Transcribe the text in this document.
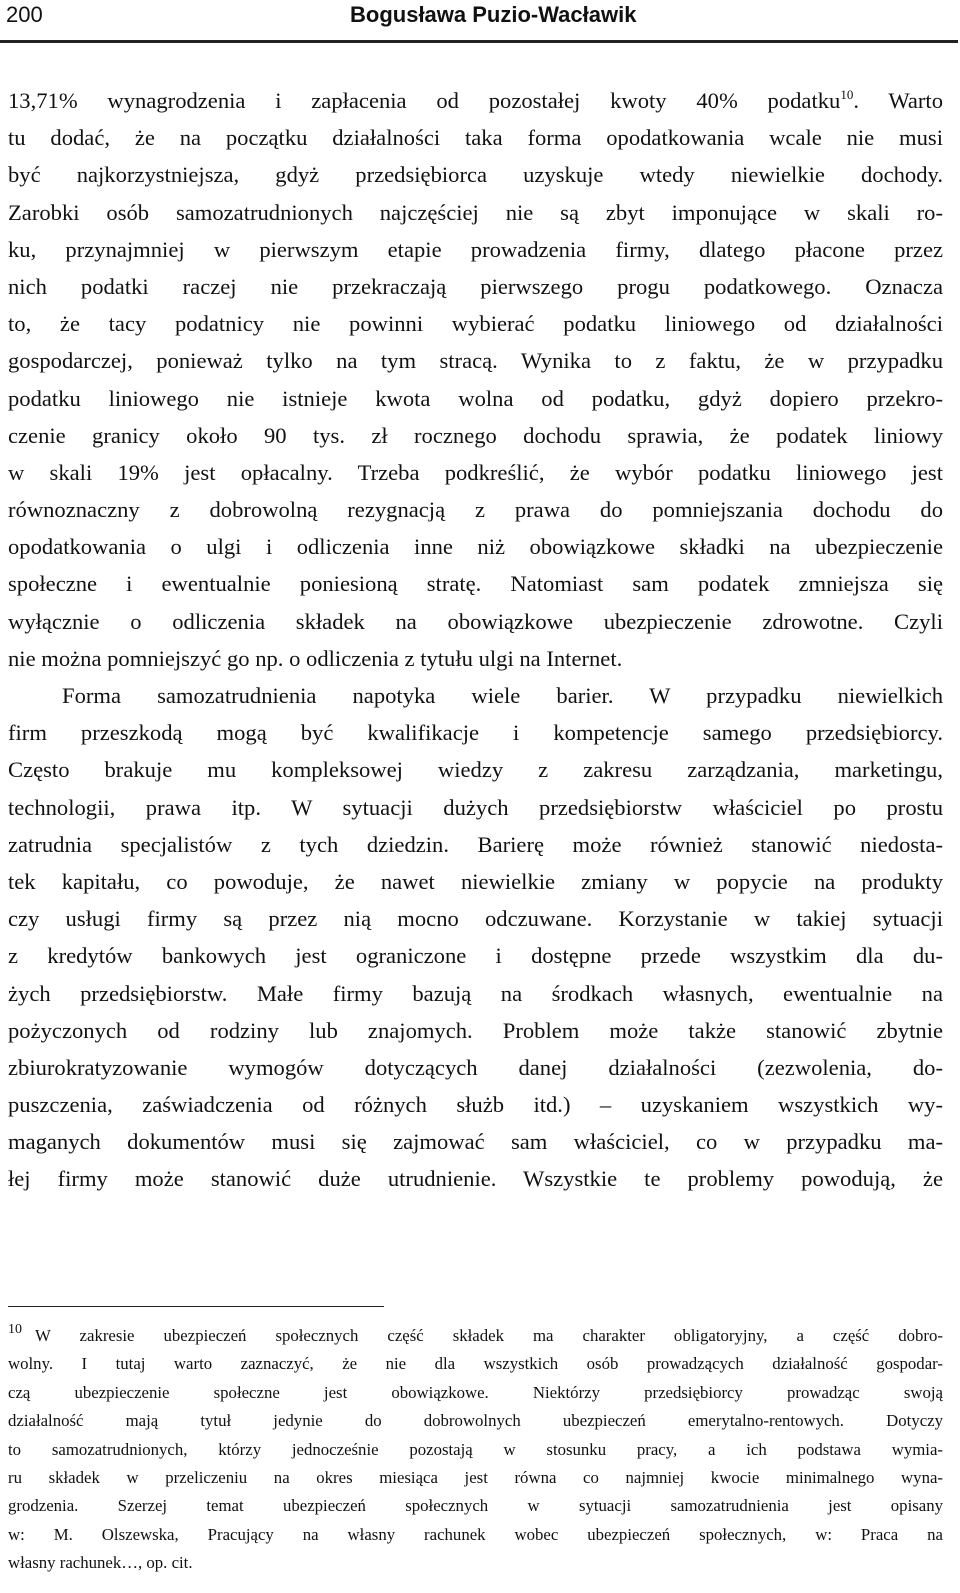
200	Bogusława Puzio-Wacławik
13,71% wynagrodzenia i zapłacenia od pozostałej kwoty 40% podatku$^{10}$. Warto
tu dodać, że na początku działalności taka forma opodatkowania wcale nie musi
być najkorzystniejsza, gdyż przedsiębiorca uzyskuje wtedy niewielkie dochody.
Zarobki osób samozatrudnionych najczęściej nie są zbyt imponujące w skali ro-
ku, przynajmniej w pierwszym etapie prowadzenia firmy, dlatego płacone przez
nich podatki raczej nie przekraczają pierwszego progu podatkowego. Oznacza
to, że tacy podatnicy nie powinni wybierać podatku liniowego od działalności
gospodarczej, ponieważ tylko na tym stracą. Wynika to z faktu, że w przypadku
podatku liniowego nie istnieje kwota wolna od podatku, gdyż dopiero przekro-
czenie granicy około 90 tys. zł rocznego dochodu sprawia, że podatek liniowy
w skali 19% jest opłacalny. Trzeba podkreślić, że wybór podatku liniowego jest
równoznaczny z dobrowolną rezygnacją z prawa do pomniejszania dochodu do
opodatkowania o ulgi i odliczenia inne niż obowiązkowe składki na ubezpieczenie
społeczne i ewentualnie poniesioną stratę. Natomiast sam podatek zmniejsza się
wyłącznie o odliczenia składek na obowiązkowe ubezpieczenie zdrowotne. Czyli
nie można pomniejszyć go np. o odliczenia z tytułu ulgi na Internet.
Forma samozatrudnienia napotyka wiele barier. W przypadku niewielkich
firm przeszkodą mogą być kwalifikacje i kompetencje samego przedsiębiorcy.
Często brakuje mu kompleksowej wiedzy z zakresu zarządzania, marketingu,
technologii, prawa itp. W sytuacji dużych przedsiębiorstw właściciel po prostu
zatrudnia specjalistów z tych dziedzin. Barierę może również stanowić niedosta-
tek kapitału, co powoduje, że nawet niewielkie zmiany w popycie na produkty
czy usługi firmy są przez nią mocno odczuwane. Korzystanie w takiej sytuacji
z kredytów bankowych jest ograniczone i dostępne przede wszystkim dla du-
żych przedsiębiorstw. Małe firmy bazują na środkach własnych, ewentualnie na
pożyczonych od rodziny lub znajomych. Problem może także stanowić zbytnie
zbiurokratyzowanie wymogów dotyczących danej działalności (zezwolenia, do-
puszczenia, zaświadczenia od różnych służb itd.) – uzyskaniem wszystkich wy-
maganych dokumentów musi się zajmować sam właściciel, co w przypadku ma-
łej firmy może stanowić duże utrudnienie. Wszystkie te problemy powodują, że
10 W zakresie ubezpieczeń społecznych część składek ma charakter obligatoryjny, a część dobro-
wolny. I tutaj warto zaznaczyć, że nie dla wszystkich osób prowadzących działalność gospodar-
czą ubezpieczenie społeczne jest obowiązkowe. Niektórzy przedsiębiorcy prowadząc swoją
działalność mają tytuł jedynie do dobrowolnych ubezpieczeń emerytalno-rentowych. Dotyczy
to samozatrudnionych, którzy jednocześnie pozostają w stosunku pracy, a ich podstawa wymia-
ru składek w przeliczeniu na okres miesiąca jest równa co najmniej kwocie minimalnego wyna-
grodzenia. Szerzej temat ubezpieczeń społecznych w sytuacji samozatrudnienia jest opisany
w: M. Olszewska, Pracujący na własny rachunek wobec ubezpieczeń społecznych, w: Praca na
własny rachunek…, op. cit.
